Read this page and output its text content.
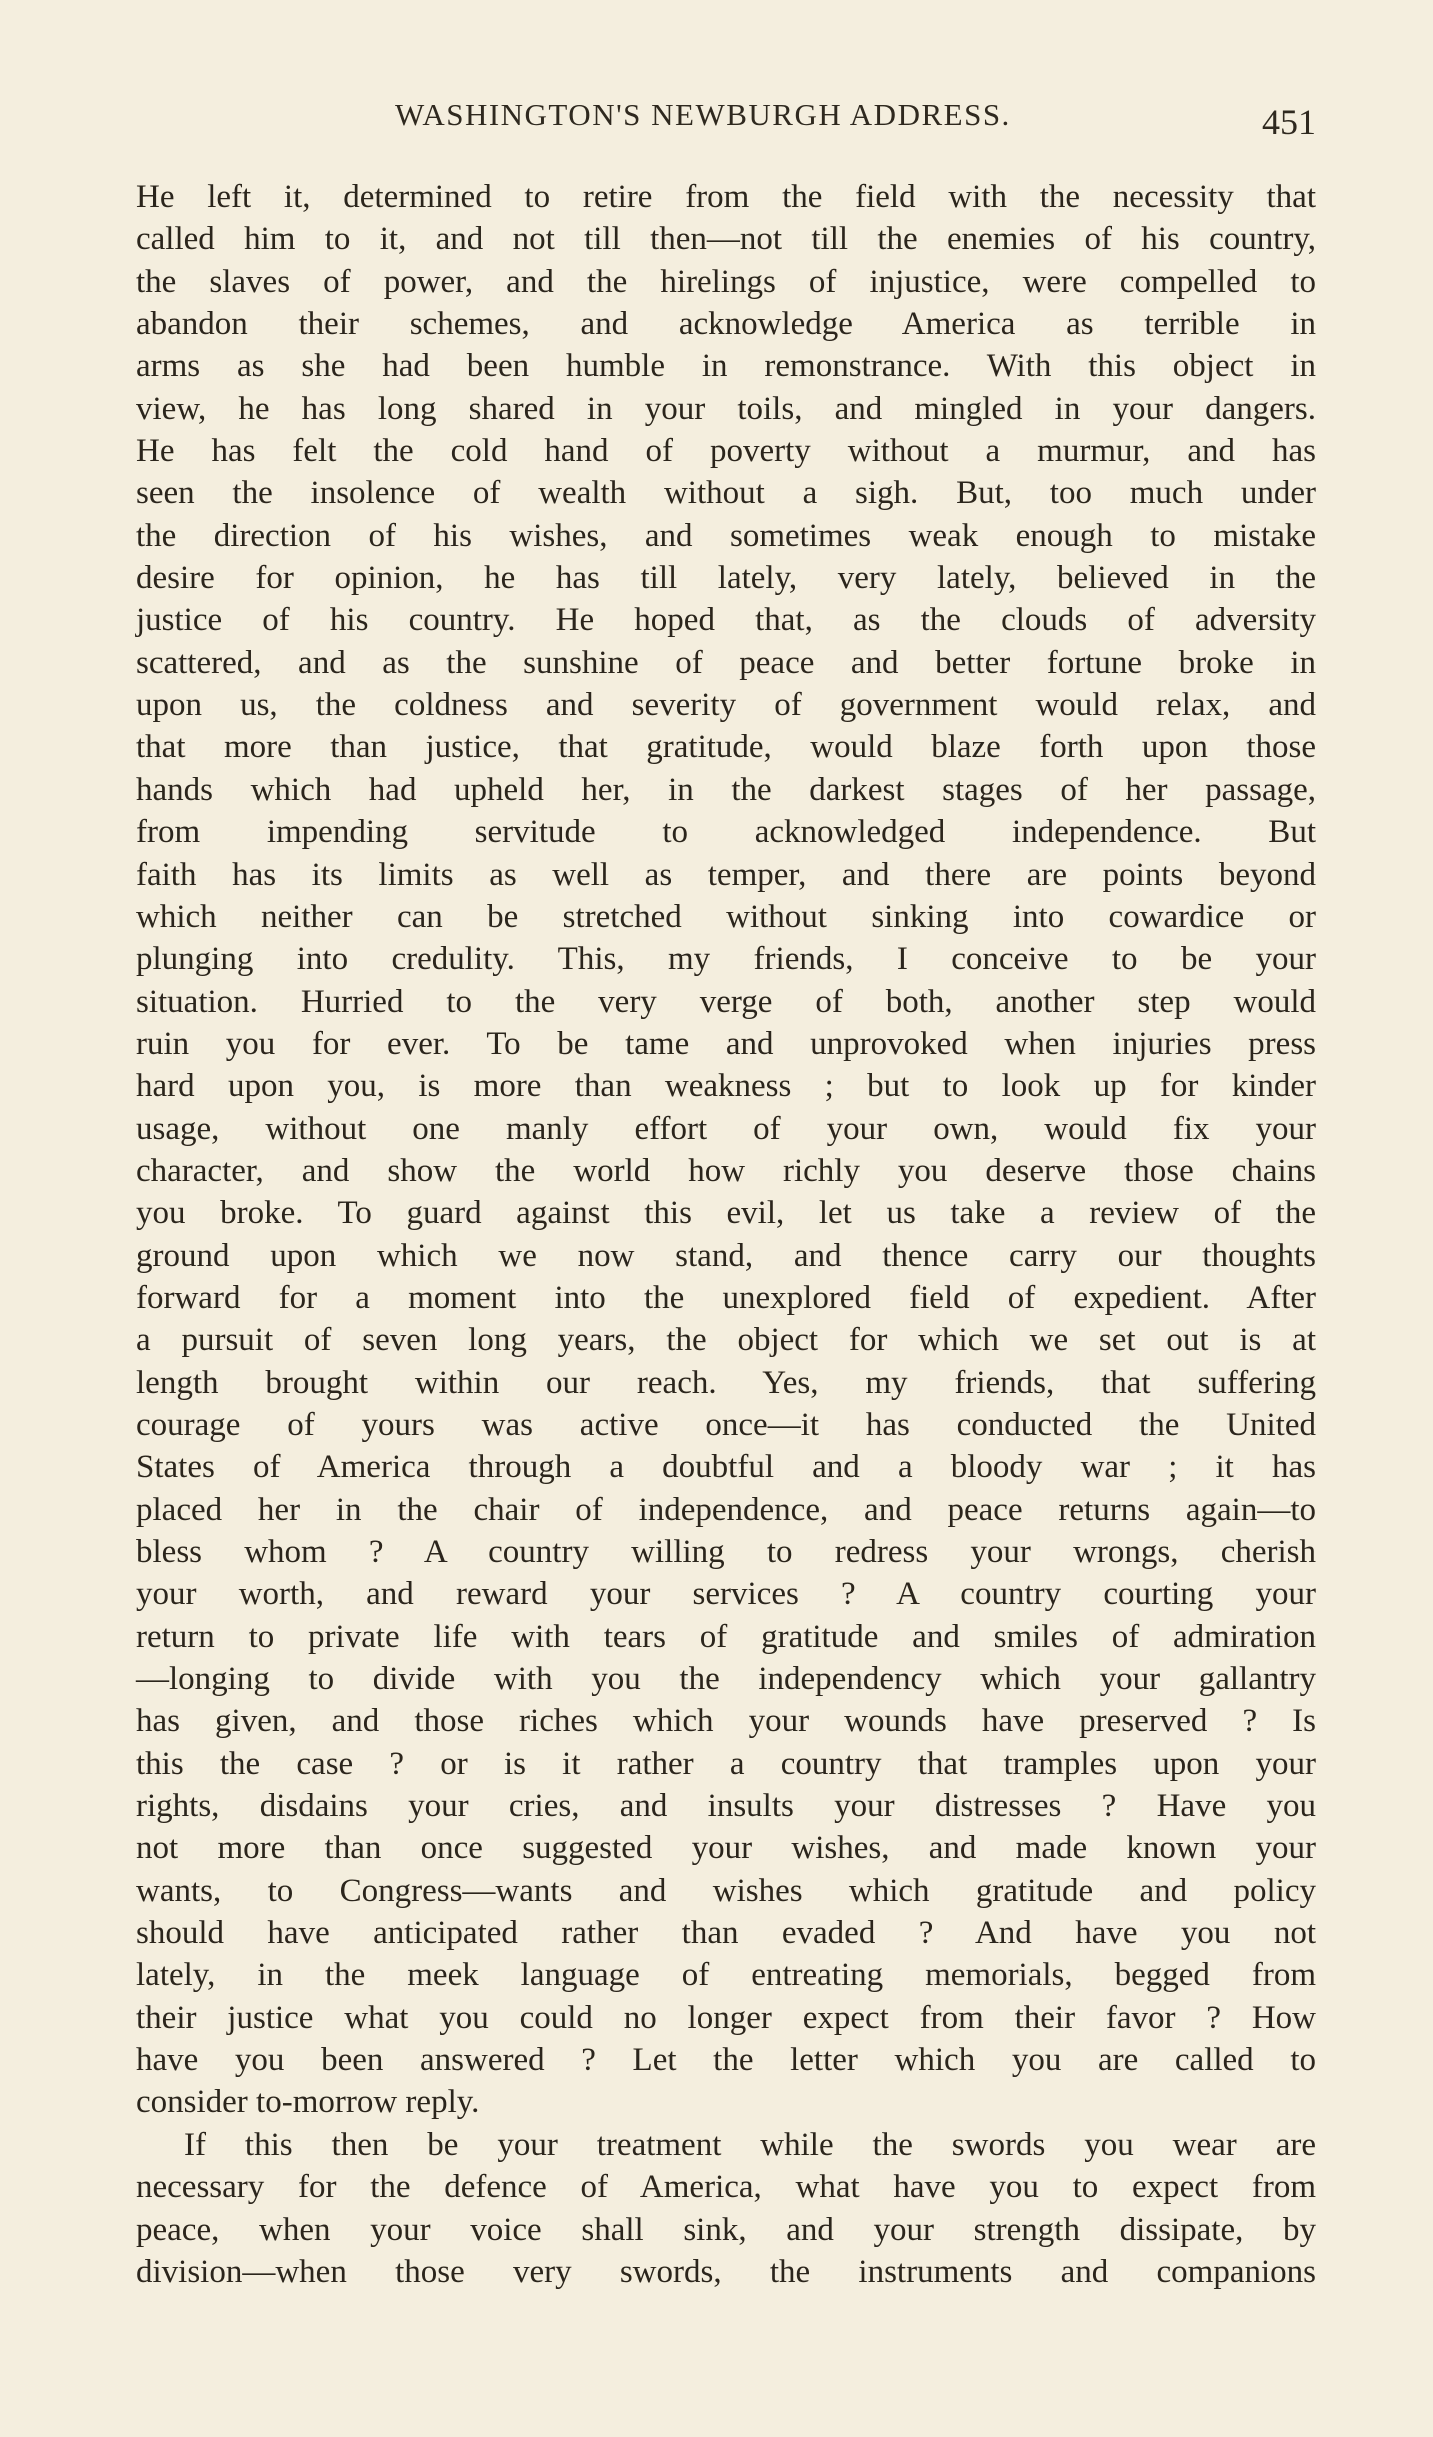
WASHINGTON'S NEWBURGH ADDRESS.	451
He left it, determined to retire from the field with the necessity that
called him to it, and not till then—not till the enemies of his country,
the slaves of power, and the hirelings of injustice, were compelled to
abandon their schemes, and acknowledge America as terrible in
arms as she had been humble in remonstrance. With this object in
view, he has long shared in your toils, and mingled in your dangers.
He has felt the cold hand of poverty without a murmur, and has
seen the insolence of wealth without a sigh. But, too much under
the direction of his wishes, and sometimes weak enough to mistake
desire for opinion, he has till lately, very lately, believed in the
justice of his country. He hoped that, as the clouds of adversity
scattered, and as the sunshine of peace and better fortune broke in
upon us, the coldness and severity of government would relax, and
that more than justice, that gratitude, would blaze forth upon those
hands which had upheld her, in the darkest stages of her passage,
from impending servitude to acknowledged independence. But
faith has its limits as well as temper, and there are points beyond
which neither can be stretched without sinking into cowardice or
plunging into credulity. This, my friends, I conceive to be your
situation. Hurried to the very verge of both, another step would
ruin you for ever. To be tame and unprovoked when injuries press
hard upon you, is more than weakness ; but to look up for kinder
usage, without one manly effort of your own, would fix your
character, and show the world how richly you deserve those chains
you broke. To guard against this evil, let us take a review of the
ground upon which we now stand, and thence carry our thoughts
forward for a moment into the unexplored field of expedient. After
a pursuit of seven long years, the object for which we set out is at
length brought within our reach. Yes, my friends, that suffering
courage of yours was active once—it has conducted the United
States of America through a doubtful and a bloody war ; it has
placed her in the chair of independence, and peace returns again—to
bless whom ? A country willing to redress your wrongs, cherish
your worth, and reward your services ? A country courting your
return to private life with tears of gratitude and smiles of admiration
—longing to divide with you the independency which your gallantry
has given, and those riches which your wounds have preserved ? Is
this the case ? or is it rather a country that tramples upon your
rights, disdains your cries, and insults your distresses ? Have you
not more than once suggested your wishes, and made known your
wants, to Congress—wants and wishes which gratitude and policy
should have anticipated rather than evaded ? And have you not
lately, in the meek language of entreating memorials, begged from
their justice what you could no longer expect from their favor ? How
have you been answered ? Let the letter which you are called to
consider to-morrow reply.
If this then be your treatment while the swords you wear are
necessary for the defence of America, what have you to expect from
peace, when your voice shall sink, and your strength dissipate, by
division—when those very swords, the instruments and companions
